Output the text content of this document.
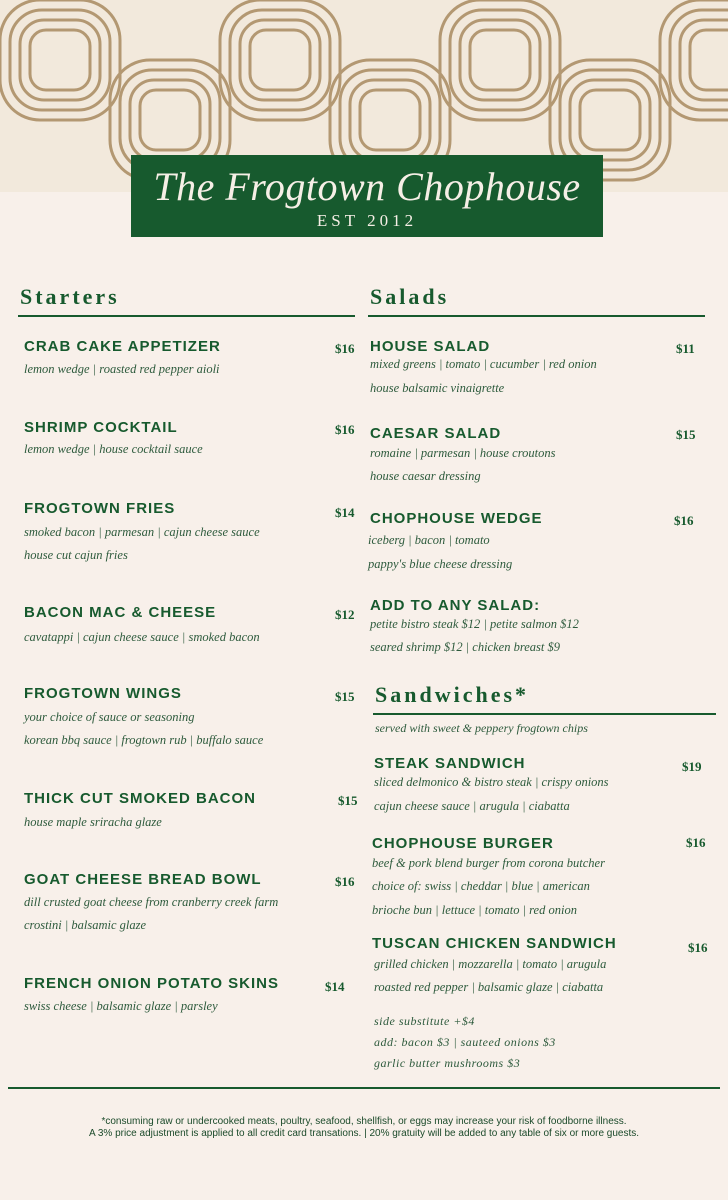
The Frogtown Chophouse
EST 2012
Starters
CRAB CAKE APPETIZER	$16
lemon wedge | roasted red pepper aioli
SHRIMP COCKTAIL	$16
lemon wedge | house cocktail sauce
FROGTOWN FRIES	$14
smoked bacon | parmesan | cajun cheese sauce
house cut cajun fries
BACON MAC & CHEESE	$12
cavatappi | cajun cheese sauce | smoked bacon
FROGTOWN WINGS	$15
your choice of sauce or seasoning
korean bbq sauce | frogtown rub | buffalo sauce
THICK CUT SMOKED BACON	$15
house maple sriracha glaze
GOAT CHEESE BREAD BOWL	$16
dill crusted goat cheese from cranberry creek farm
crostini | balsamic glaze
FRENCH ONION POTATO SKINS	$14
swiss cheese | balsamic glaze | parsley
Salads
HOUSE SALAD	$11
mixed greens | tomato | cucumber | red onion
house balsamic vinaigrette
CAESAR SALAD	$15
romaine | parmesan | house croutons
house caesar dressing
CHOPHOUSE WEDGE	$16
iceberg | bacon | tomato
pappy's blue cheese dressing
ADD TO ANY SALAD:
petite bistro steak $12 | petite salmon $12
seared shrimp $12 | chicken breast $9
Sandwiches*
served with sweet & peppery frogtown chips
STEAK SANDWICH	$19
sliced delmonico & bistro steak | crispy onions
cajun cheese sauce | arugula | ciabatta
CHOPHOUSE BURGER	$16
beef & pork blend burger from corona butcher
choice of: swiss | cheddar | blue | american
brioche bun | lettuce | tomato | red onion
TUSCAN CHICKEN SANDWICH	$16
grilled chicken | mozzarella | tomato | arugula
roasted red pepper | balsamic glaze | ciabatta
side substitute +$4
add: bacon $3 | sauteed onions $3
garlic butter mushrooms $3
*consuming raw or undercooked meats, poultry, seafood, shellfish, or eggs may increase your risk of foodborne illness.
A 3% price adjustment is applied to all credit card transations. | 20% gratuity will be added to any table of six or more guests.
